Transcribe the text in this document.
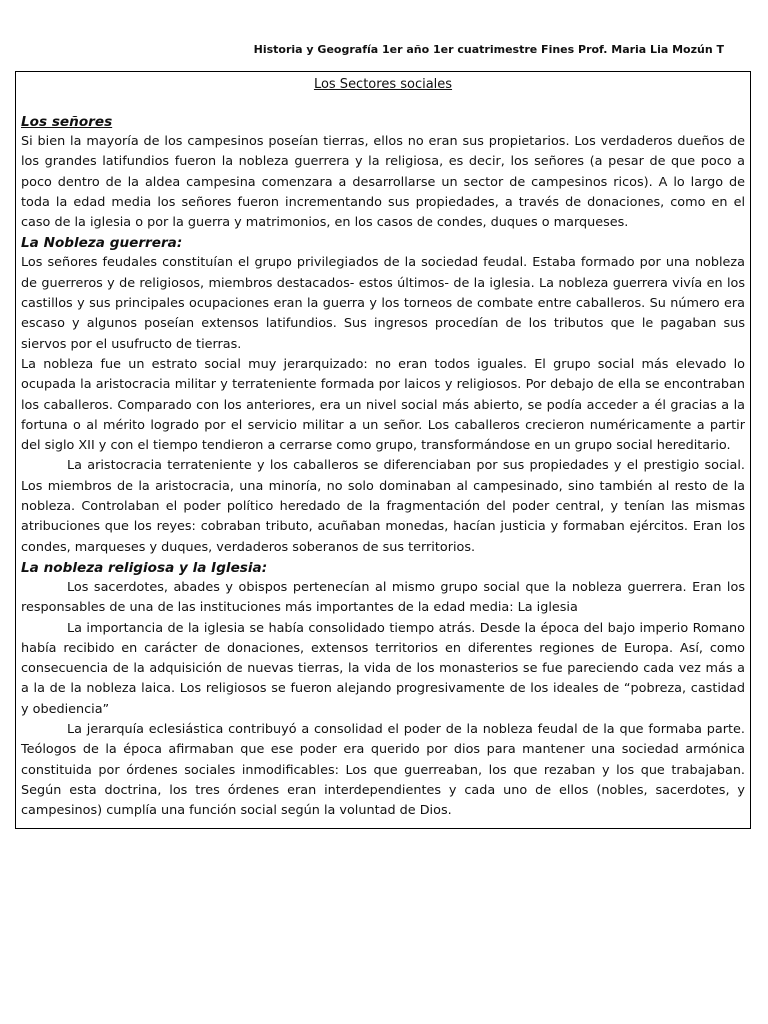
Historia y Geografía 1er año 1er cuatrimestre Fines Prof. Maria Lia Mozún T
Los Sectores sociales
Los señores

Si bien la mayoría de los campesinos poseían tierras, ellos no eran sus propietarios. Los verdaderos dueños de los grandes latifundios fueron la nobleza guerrera y la religiosa, es decir, los señores (a pesar de que poco a poco dentro de la aldea campesina comenzara a desarrollarse un sector de campesinos ricos). A lo largo de toda la edad media los señores fueron incrementando sus propiedades, a través de donaciones, como en el caso de la iglesia o por la guerra y matrimonios, en los casos de condes, duques o marqueses.

La Nobleza guerrera:

Los señores feudales constituían el grupo privilegiados de la sociedad feudal. Estaba formado por una nobleza de guerreros y de religiosos, miembros destacados- estos últimos- de la iglesia. La nobleza guerrera vivía en los castillos y sus principales ocupaciones eran la guerra y los torneos de combate entre caballeros. Su número era escaso y algunos poseían extensos latifundios. Sus ingresos procedían de los tributos que le pagaban sus siervos por el usufructo de tierras.

La nobleza fue un estrato social muy jerarquizado: no eran todos iguales. El grupo social más elevado lo ocupada la aristocracia militar y terrateniente formada por laicos y religiosos. Por debajo de ella se encontraban los caballeros. Comparado con los anteriores, era un nivel social más abierto, se podía acceder a él gracias a la fortuna o al mérito logrado por el servicio militar a un señor. Los caballeros crecieron numéricamente a partir del siglo XII y con el tiempo tendieron a cerrarse como grupo, transformándose en un grupo social hereditario.

La aristocracia terrateniente y los caballeros se diferenciaban por sus propiedades y el prestigio social. Los miembros de la aristocracia, una minoría, no solo dominaban al campesinado, sino también al resto de la nobleza. Controlaban el poder político heredado de la fragmentación del poder central, y tenían las mismas atribuciones que los reyes: cobraban tributo, acuñaban monedas, hacían justicia y formaban ejércitos. Eran los condes, marqueses y duques, verdaderos soberanos de sus territorios.

La nobleza religiosa y la Iglesia:

Los sacerdotes, abades y obispos pertenecían al mismo grupo social que la nobleza guerrera. Eran los responsables de una de las instituciones más importantes de la edad media: La iglesia

La importancia de la iglesia se había consolidado tiempo atrás. Desde la época del bajo imperio Romano había recibido en carácter de donaciones, extensos territorios en diferentes regiones de Europa. Así, como consecuencia de la adquisición de nuevas tierras, la vida de los monasterios se fue pareciendo cada vez más a a la de la nobleza laica. Los religiosos se fueron alejando progresivamente de los ideales de “pobreza, castidad y obediencia”

La jerarquía eclesiástica contribuyó a consolidad el poder de la nobleza feudal de la que formaba parte. Teólogos de la época afirmaban que ese poder era querido por dios para mantener una sociedad armónica constituida por órdenes sociales inmodificables: Los que guerreaban, los que rezaban y los que trabajaban. Según esta doctrina, los tres órdenes eran interdependientes y cada uno de ellos (nobles, sacerdotes, y campesinos) cumplía una función social según la voluntad de Dios.
